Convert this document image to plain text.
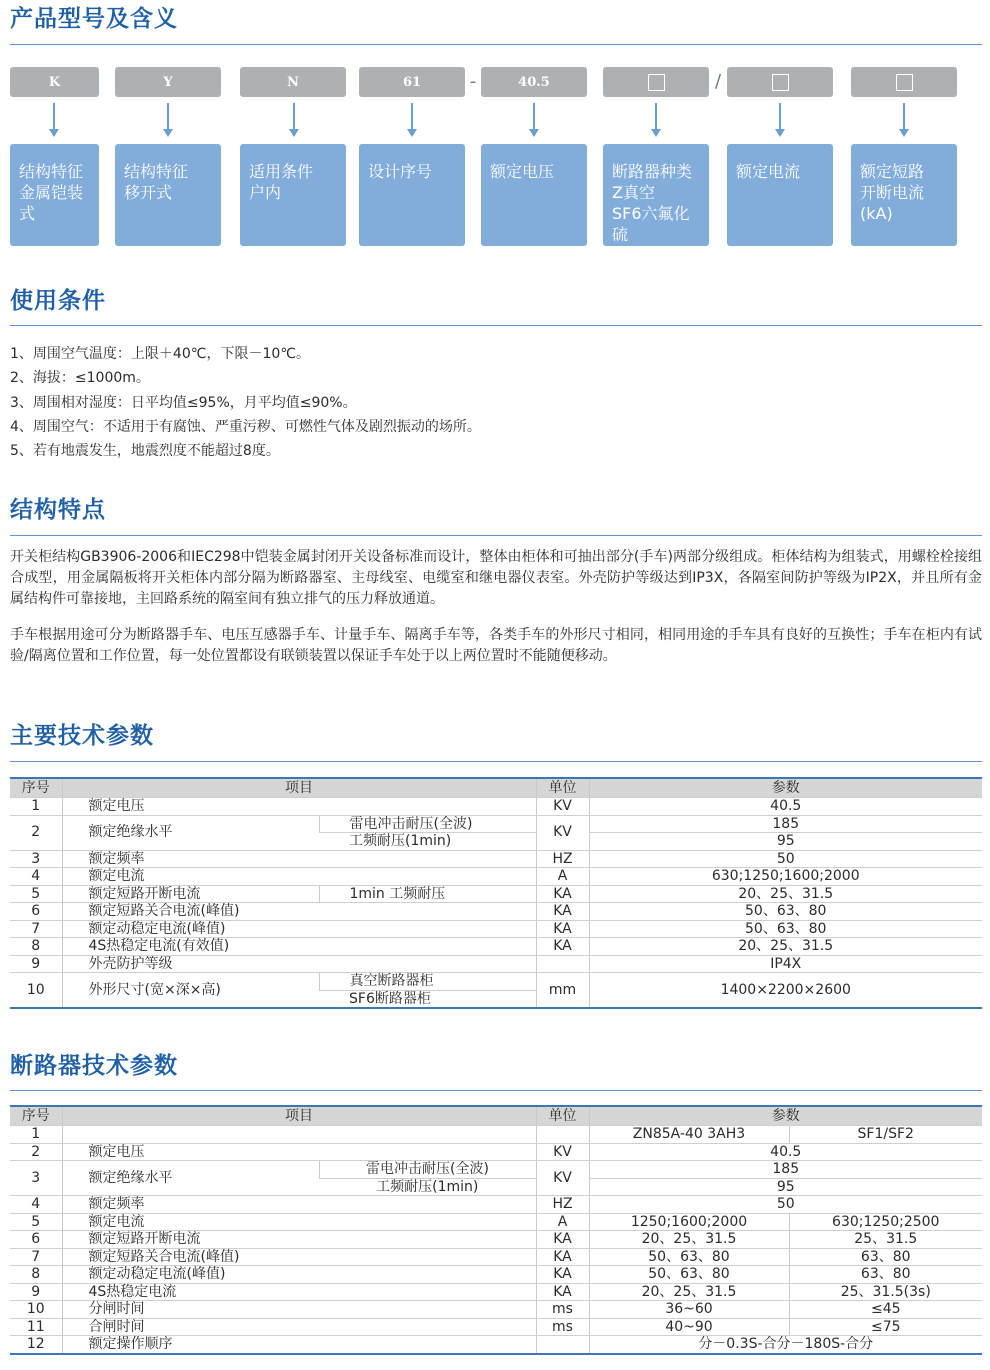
产品型号及含义
K	Y	N	61	-	40.5	/
结构特征
金属铠装
式
结构特征
移开式
适用条件
户内
设计序号	额定电压	断路器种类
Z真空
SF6六氟化
硫
额定电流	额定短路
开断电流
(kA)
使用条件

1、周围空气温度：上限＋40℃，下限－10℃。

2、海拔：≤1000m。

3、周围相对湿度：日平均值≤95%，月平均值≤90%。

4、周围空气：不适用于有腐蚀、严重污秽、可燃性气体及剧烈振动的场所。

5、若有地震发生，地震烈度不能超过8度。

结构特点

开关柜结构GB3906-2006和IEC298中铠装金属封闭开关设备标准而设计，整体由柜体和可抽出部分(手车)两部分级组成。柜体结构为组装式，用螺栓栓接组合成型，用金属隔板将开关柜体内部分隔为断路器室、主母线室、电缆室和继电器仪表室。外壳防护等级达到IP3X，各隔室间防护等级为IP2X，并且所有金属结构件可靠接地，主回路系统的隔室间有独立排气的压力释放通道。

手车根据用途可分为断路器手车、电压互感器手车、计量手车、隔离手车等，各类手车的外形尺寸相同，相同用途的手车具有良好的互换性；手车在柜内有试验/隔离位置和工作位置，每一处位置都设有联锁装置以保证手车处于以上两位置时不能随便移动。

主要技术参数
序号	项目		单位	参数
1	额定电压		KV	40.5
2	额定绝缘水平	雷电冲击耐压(全波)	KV	185
		工频耐压(1min)		95
3	额定频率		HZ	50
4	额定电流		A	630;1250;1600;2000
5	额定短路开断电流	1min 工频耐压	KA	20、25、31.5
6	额定短路关合电流(峰值)		KA	50、63、80
7	额定动稳定电流(峰值)		KA	50、63、80
8	4S热稳定电流(有效值)		KA	20、25、31.5
9	外壳防护等级			IP4X
10	外形尺寸(宽×深×高)	真空断路器柜	mm	1400×2200×2600
		SF6断路器柜		
断路器技术参数
序号	项目		单位	参数	
1				ZN85A-40 3AH3	SF1/SF2
2	额定电压		KV	40.5	
3	额定绝缘水平	雷电冲击耐压(全波)	KV	185	
		工频耐压(1min)		95	
4	额定频率		HZ	50	
5	额定电流		A	1250;1600;2000	630;1250;2500
6	额定短路开断电流		KA	20、25、31.5	25、31.5
7	额定短路关合电流(峰值)		KA	50、63、80	63、80
8	额定动稳定电流(峰值)		KA	50、63、80	63、80
9	4S热稳定电流		KA	20、25、31.5	25、31.5(3s)
10	分闸时间		ms	36~60	≤45
11	合闸时间		ms	40~90	≤75
12	额定操作顺序			分－0.3S-合分－180S-合分	
